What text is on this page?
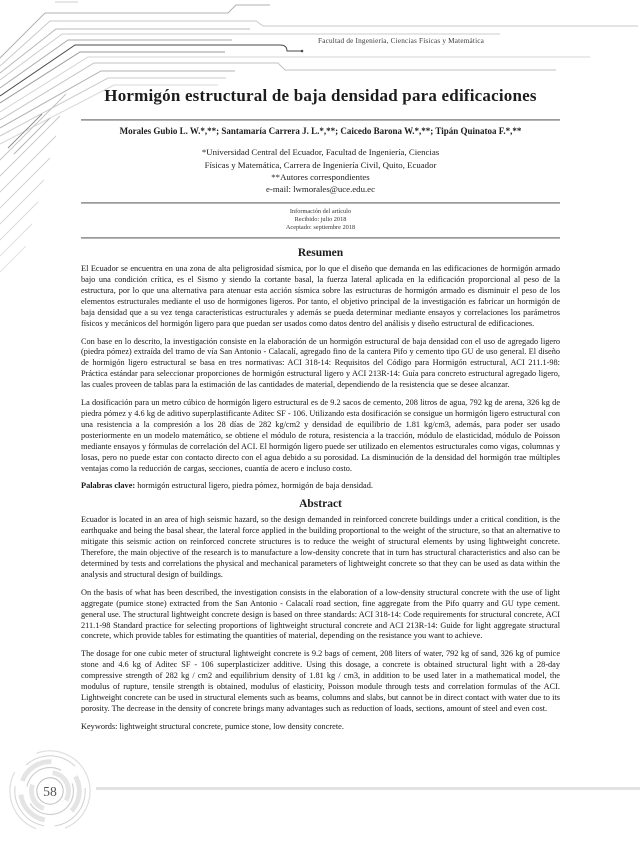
Facultad de Ingeniería, Ciencias Físicas y Matemática
Hormigón estructural de baja densidad para edificaciones
Morales Gubio L. W.*,**; Santamaría Carrera J. L.*,**; Caicedo Barona W.*,**; Tipán Quinatoa F.*,**
*Universidad Central del Ecuador, Facultad de Ingeniería, Ciencias
Físicas y Matemática, Carrera de Ingeniería Civil, Quito, Ecuador
**Autores correspondientes
e-mail: lwmorales@uce.edu.ec
Información del artículo
Recibido: julio 2018
Aceptado: septiembre 2018
Resumen

El Ecuador se encuentra en una zona de alta peligrosidad sísmica, por lo que el diseño que demanda en las edificaciones de hormigón armado bajo una condición crítica, es el Sismo y siendo la cortante basal, la fuerza lateral aplicada en la edificación proporcional al peso de la estructura, por lo que una alternativa para atenuar esta acción sísmica sobre las estructuras de hormigón armado es disminuir el peso de los elementos estructurales mediante el uso de hormigones ligeros. Por tanto, el objetivo principal de la investigación es fabricar un hormigón de baja densidad que a su vez tenga características estructurales y además se pueda determinar mediante ensayos y correlaciones los parámetros físicos y mecánicos del hormigón ligero para que puedan ser usados como datos dentro del análisis y diseño estructural de edificaciones.

Con base en lo descrito, la investigación consiste en la elaboración de un hormigón estructural de baja densidad con el uso de agregado ligero (piedra pómez) extraída del tramo de vía San Antonio - Calacalí, agregado fino de la cantera Pifo y cemento tipo GU de uso general. El diseño de hormigón ligero estructural se basa en tres normativas: ACI 318-14: Requisitos del Código para Hormigón estructural, ACI 211.1-98: Práctica estándar para seleccionar proporciones de hormigón estructural ligero y ACI 213R-14: Guía para concreto estructural agregado ligero, las cuales proveen de tablas para la estimación de las cantidades de material, dependiendo de la resistencia que se desee alcanzar.

La dosificación para un metro cúbico de hormigón ligero estructural es de 9.2 sacos de cemento, 208 litros de agua, 792 kg de arena, 326 kg de piedra pómez y 4.6 kg de aditivo superplastificante Aditec SF - 106. Utilizando esta dosificación se consigue un hormigón ligero estructural con una resistencia a la compresión a los 28 días de 282 kg/cm2 y densidad de equilibrio de 1.81 kg/cm3, además, para poder ser usado posteriormente en un modelo matemático, se obtiene el módulo de rotura, resistencia a la tracción, módulo de elasticidad, módulo de Poisson mediante ensayos y fórmulas de correlación del ACI. El hormigón ligero puede ser utilizado en elementos estructurales como vigas, columnas y losas, pero no puede estar con contacto directo con el agua debido a su porosidad. La disminución de la densidad del hormigón trae múltiples ventajas como la reducción de cargas, secciones, cuantía de acero e incluso costo.

Palabras clave: hormigón estructural ligero, piedra pómez, hormigón de baja densidad.
Abstract

Ecuador is located in an area of high seismic hazard, so the design demanded in reinforced concrete buildings under a critical condition, is the earthquake and being the basal shear, the lateral force applied in the building proportional to the weight of the structure, so that an alternative to mitigate this seismic action on reinforced concrete structures is to reduce the weight of structural elements by using lightweight concrete. Therefore, the main objective of the research is to manufacture a low-density concrete that in turn has structural characteristics and also can be determined by tests and correlations the physical and mechanical parameters of lightweight concrete so that they can be used as data within the analysis and structural design of buildings.

On the basis of what has been described, the investigation consists in the elaboration of a low-density structural concrete with the use of light aggregate (pumice stone) extracted from the San Antonio - Calacalí road section, fine aggregate from the Pifo quarry and GU type cement. general use. The structural lightweight concrete design is based on three standards: ACI 318-14: Code requirements for structural concrete, ACI 211.1-98 Standard practice for selecting proportions of lightweight structural concrete and ACI 213R-14: Guide for light aggregate structural concrete, which provide tables for estimating the quantities of material, depending on the resistance you want to achieve.

The dosage for one cubic meter of structural lightweight concrete is 9.2 bags of cement, 208 liters of water, 792 kg of sand, 326 kg of pumice stone and 4.6 kg of Aditec SF - 106 superplasticizer additive. Using this dosage, a concrete is obtained structural light with a 28-day compressive strength of 282 kg / cm2 and equilibrium density of 1.81 kg / cm3, in addition to be used later in a mathematical model, the modulus of rupture, tensile strength is obtained, modulus of elasticity, Poisson module through tests and correlation formulas of the ACI. Lightweight concrete can be used in structural elements such as beams, columns and slabs, but cannot be in direct contact with water due to its porosity. The decrease in the density of concrete brings many advantages such as reduction of loads, sections, amount of steel and even cost.

Keywords: lightweight structural concrete, pumice stone, low density concrete.
58
